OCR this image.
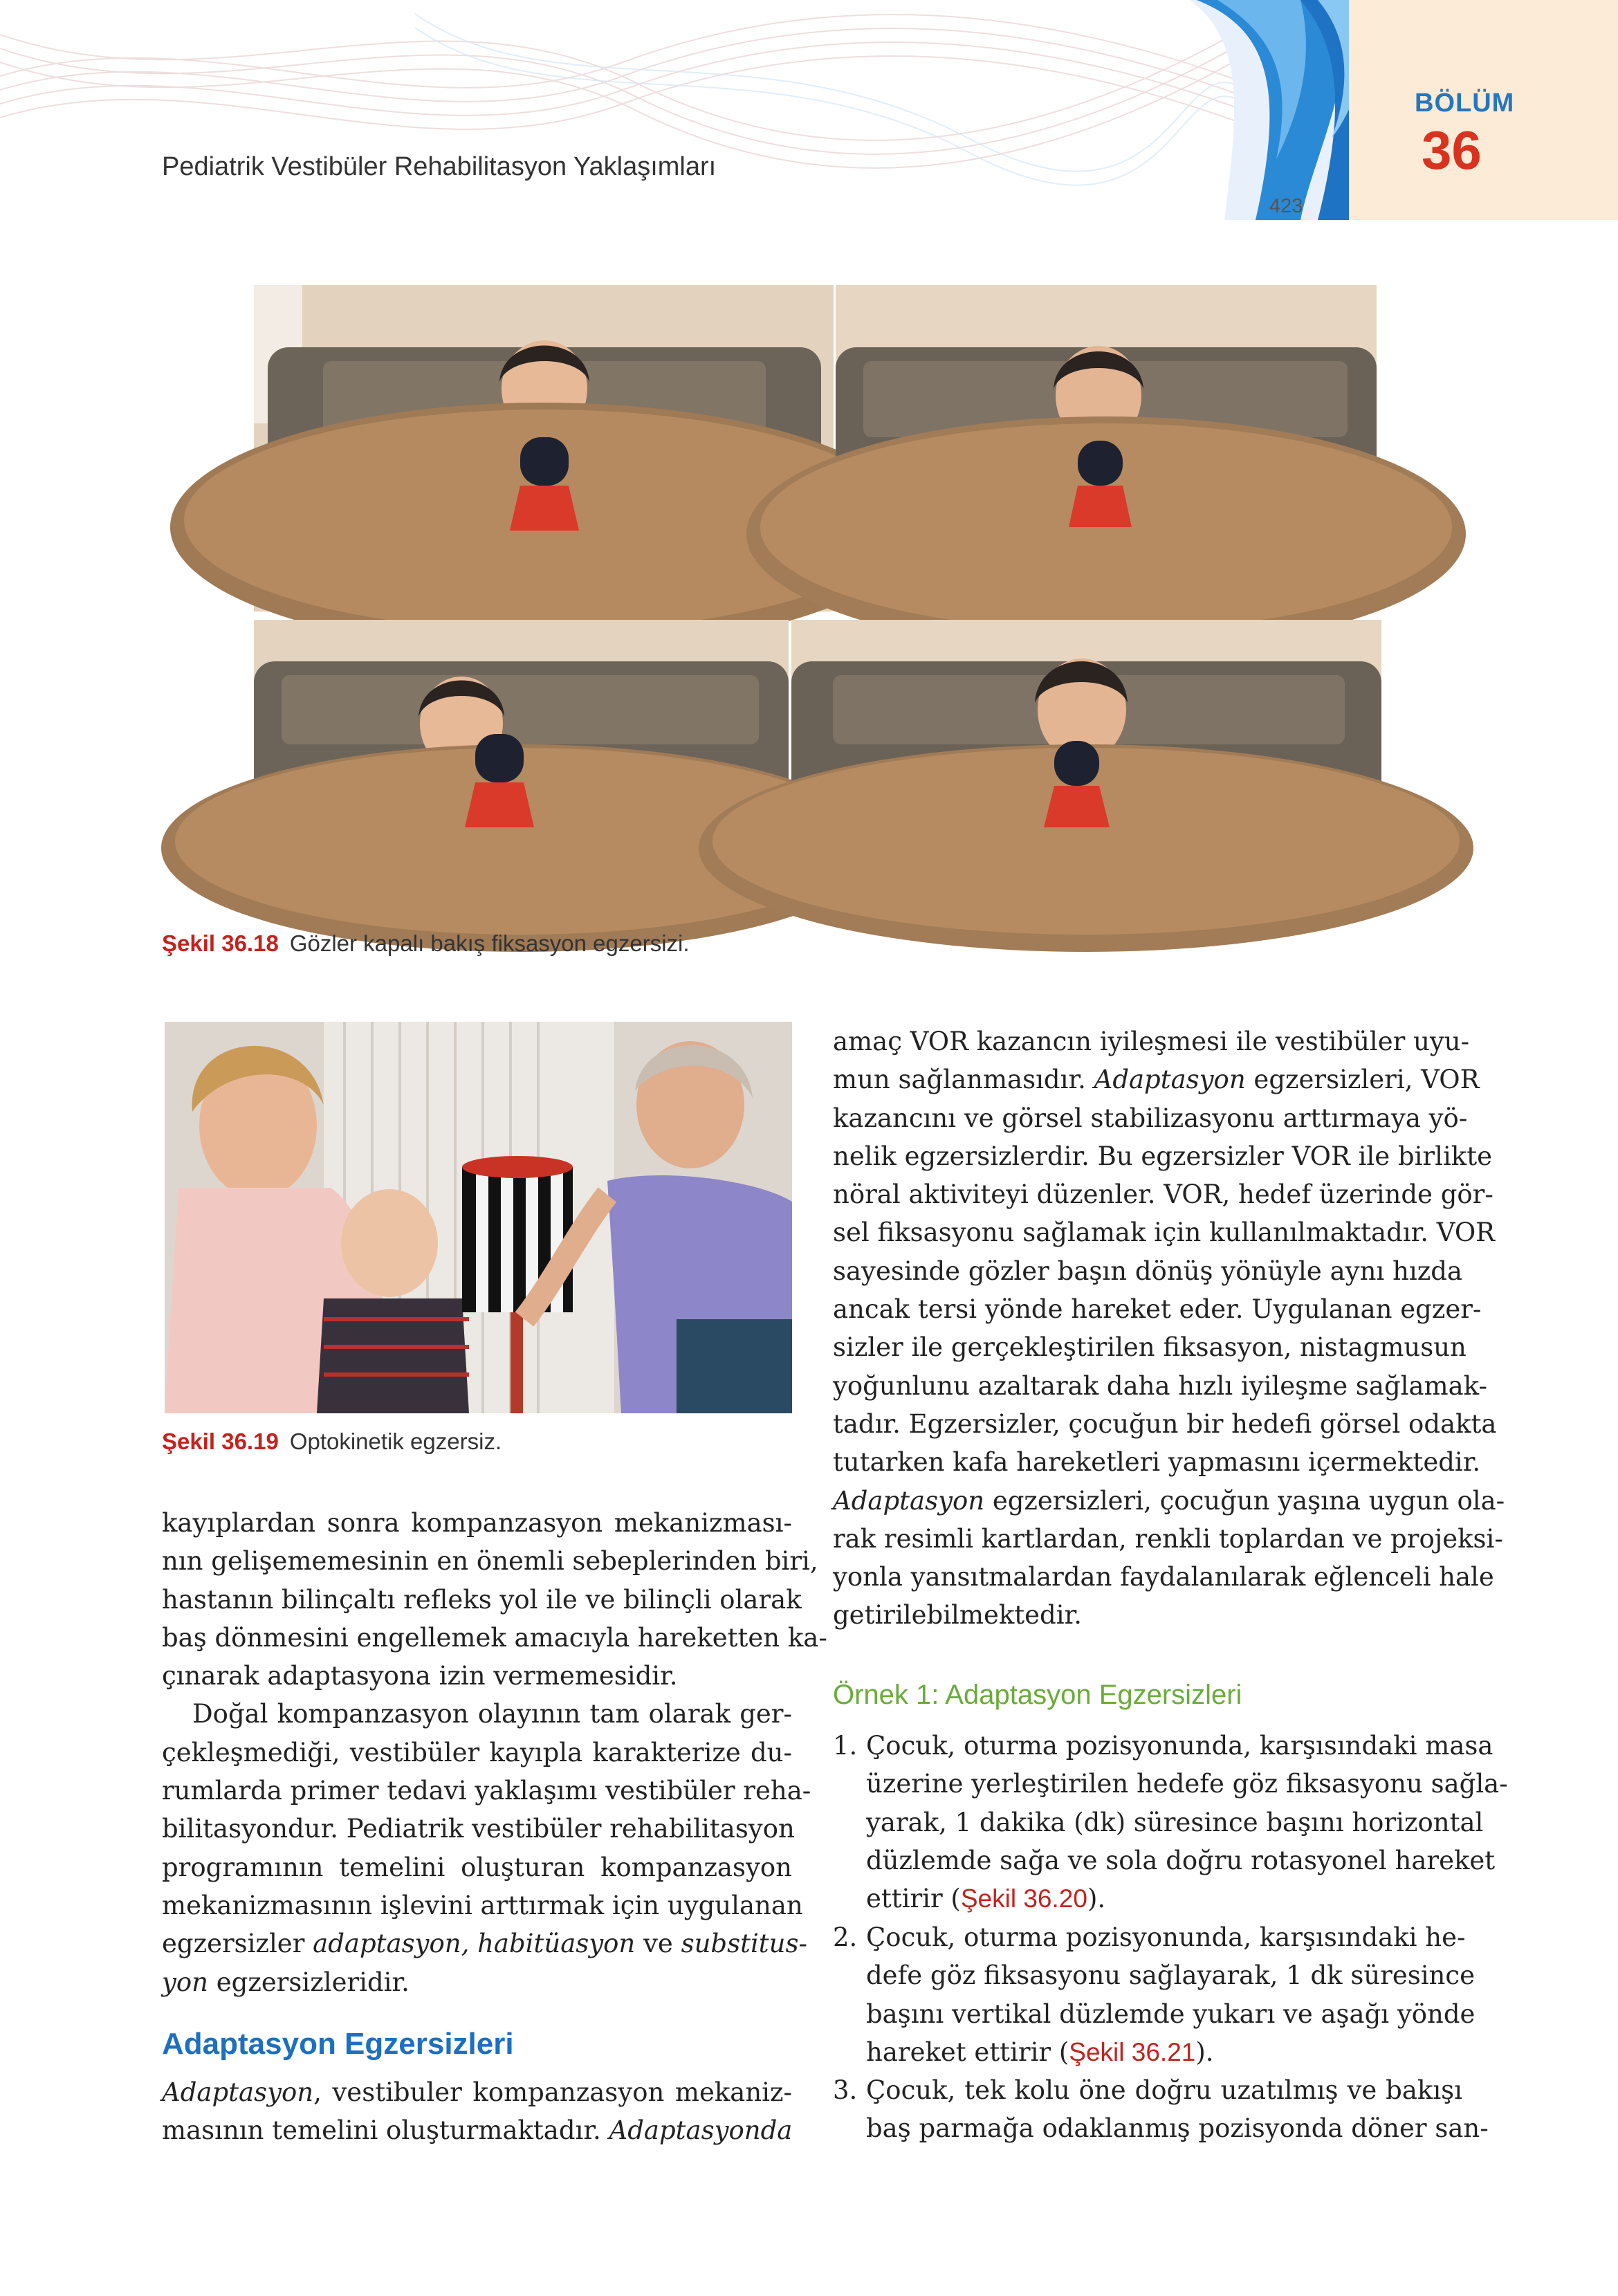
Pediatrik Vestibüler Rehabilitasyon Yaklaşımları
423
BÖLÜM
36
Şekil 36.18 Gözler kapalı bakış fiksasyon egzersizi.
Şekil 36.19 Optokinetik egzersiz.
kayıplardan sonra kompanzasyon mekanizması-
nın gelişememesinin en önemli sebeplerinden biri,
hastanın bilinçaltı refleks yol ile ve bilinçli olarak
baş dönmesini engellemek amacıyla hareketten ka-
çınarak adaptasyona izin vermemesidir.
Doğal kompanzasyon olayının tam olarak ger-
çekleşmediği, vestibüler kayıpla karakterize du-
rumlarda primer tedavi yaklaşımı vestibüler reha-
bilitasyondur. Pediatrik vestibüler rehabilitasyon
programının temelini oluşturan kompanzasyon
mekanizmasının işlevini arttırmak için uygulanan
egzersizler adaptasyon, habitüasyon ve substitus-
yon egzersizleridir.
Adaptasyon Egzersizleri
Adaptasyon, vestibuler kompanzasyon mekaniz-
masının temelini oluşturmaktadır. Adaptasyonda
amaç VOR kazancın iyileşmesi ile vestibüler uyu-
mun sağlanmasıdır. Adaptasyon egzersizleri, VOR
kazancını ve görsel stabilizasyonu arttırmaya yö-
nelik egzersizlerdir. Bu egzersizler VOR ile birlikte
nöral aktiviteyi düzenler. VOR, hedef üzerinde gör-
sel fiksasyonu sağlamak için kullanılmaktadır. VOR
sayesinde gözler başın dönüş yönüyle aynı hızda
ancak tersi yönde hareket eder. Uygulanan egzer-
sizler ile gerçekleştirilen fiksasyon, nistagmusun
yoğunlunu azaltarak daha hızlı iyileşme sağlamak-
tadır. Egzersizler, çocuğun bir hedefi görsel odakta
tutarken kafa hareketleri yapmasını içermektedir.
Adaptasyon egzersizleri, çocuğun yaşına uygun ola-
rak resimli kartlardan, renkli toplardan ve projeksi-
yonla yansıtmalardan faydalanılarak eğlenceli hale
getirilebilmektedir.
Örnek 1: Adaptasyon Egzersizleri
1. Çocuk, oturma pozisyonunda, karşısındaki masa
üzerine yerleştirilen hedefe göz fiksasyonu sağla-
yarak, 1 dakika (dk) süresince başını horizontal
düzlemde sağa ve sola doğru rotasyonel hareket
ettirir (Şekil 36.20).
2. Çocuk, oturma pozisyonunda, karşısındaki he-
defe göz fiksasyonu sağlayarak, 1 dk süresince
başını vertikal düzlemde yukarı ve aşağı yönde
hareket ettirir (Şekil 36.21).
3. Çocuk, tek kolu öne doğru uzatılmış ve bakışı
baş parmağa odaklanmış pozisyonda döner san-
